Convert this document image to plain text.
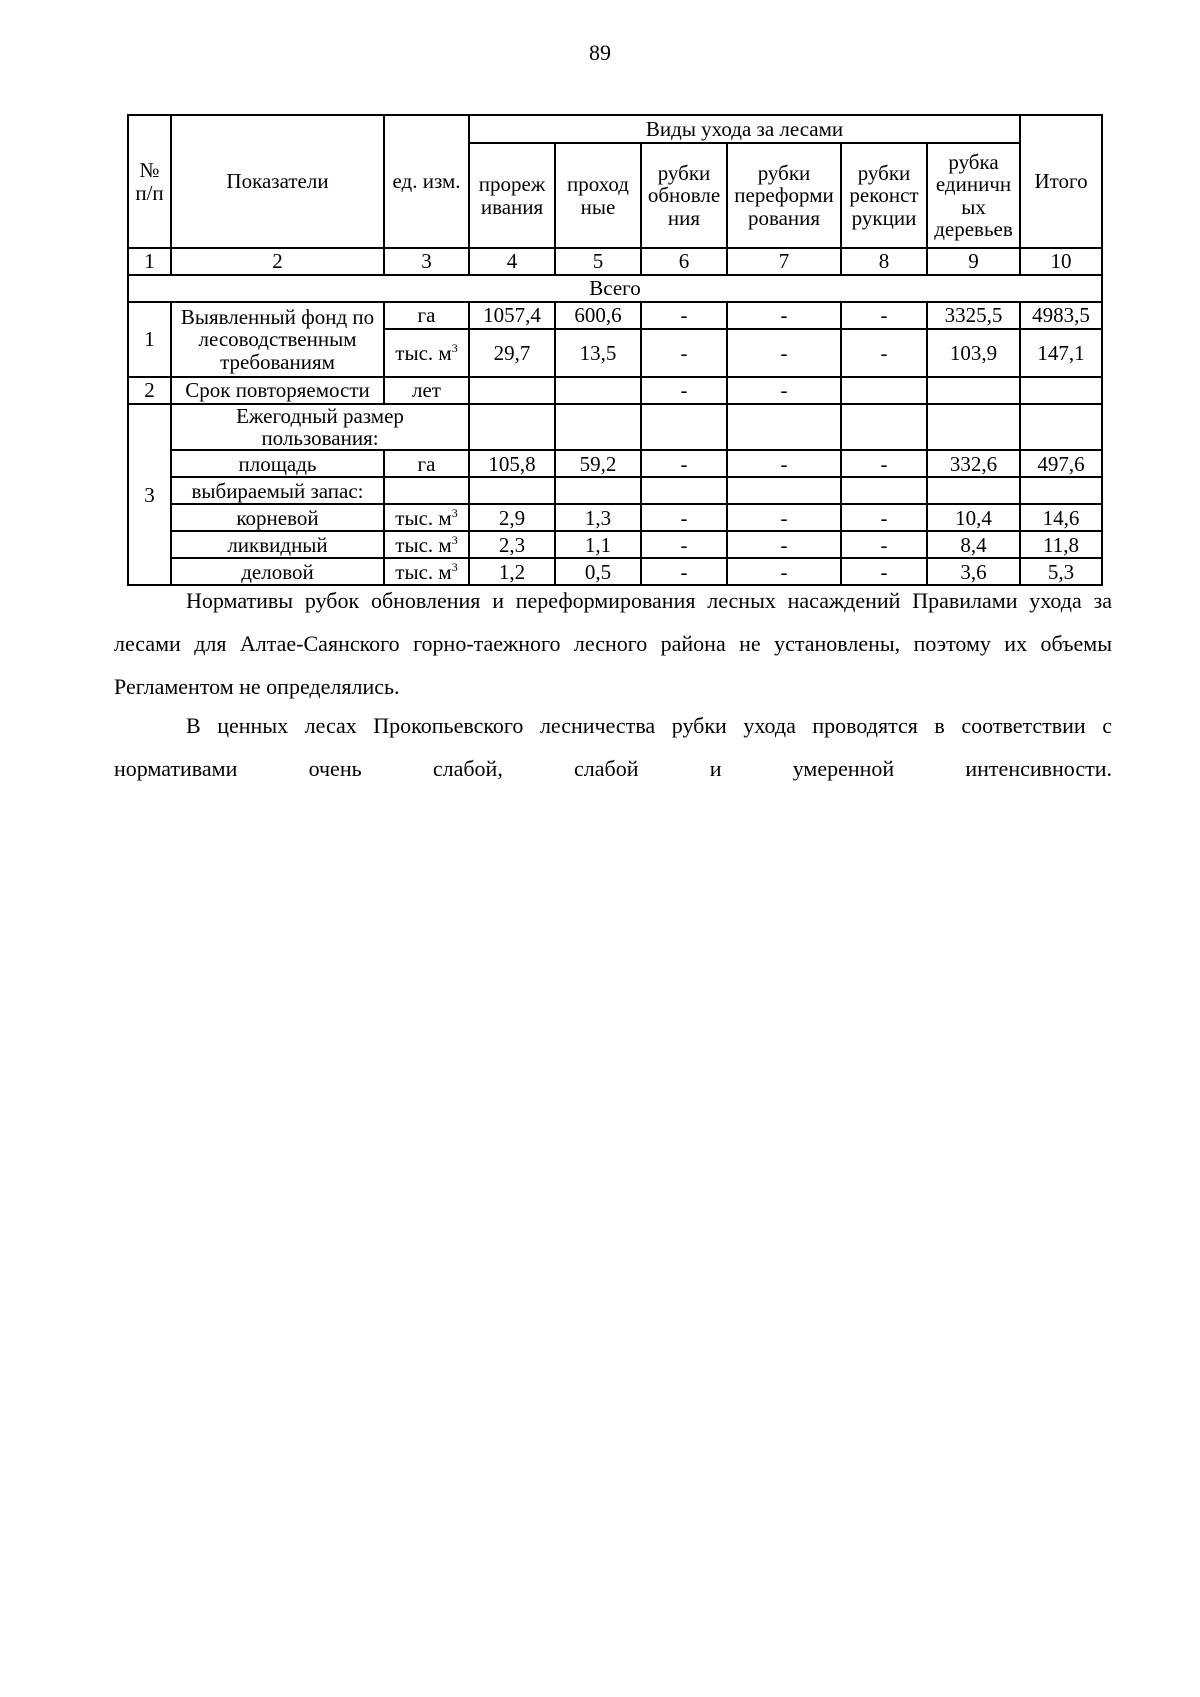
89
№ п/п	Показатели	ед. изм.	Виды ухода за лесами						Итого
			прореж ивания	проход ные	рубки обновле ния	рубки переформи рования	рубки реконст рукции	рубка единичн ых деревьев	
1	2	3	4	5	6	7	8	9	10
Всего									
1	Выявленный фонд по лесоводственным требованиям	га	1057,4	600,6	-	-	-	3325,5	4983,5
		тыс. $м^3$	29,7	13,5	-	-	-	103,9	147,1
2	Срок повторяемости	лет			-	-			
3	Ежегодный размер пользования:								
	площадь	га	105,8	59,2	-	-	-	332,6	497,6
	выбираемый запас:								
	корневой	тыс. $м^3$	2,9	1,3	-	-	-	10,4	14,6
	ликвидный	тыс. $м^3$	2,3	1,1	-	-	-	8,4	11,8
	деловой	тыс. $м^3$	1,2	0,5	-	-	-	3,6	5,3

Нормативы рубок обновления и переформирования лесных насаждений Правилами ухода за лесами для Алтае-Саянского горно-таежного лесного района не установлены, поэтому их объемы Регламентом не определялись.

В ценных лесах Прокопьевского лесничества рубки ухода проводятся в соответствии с нормативами очень слабой, слабой и умеренной интенсивности.
